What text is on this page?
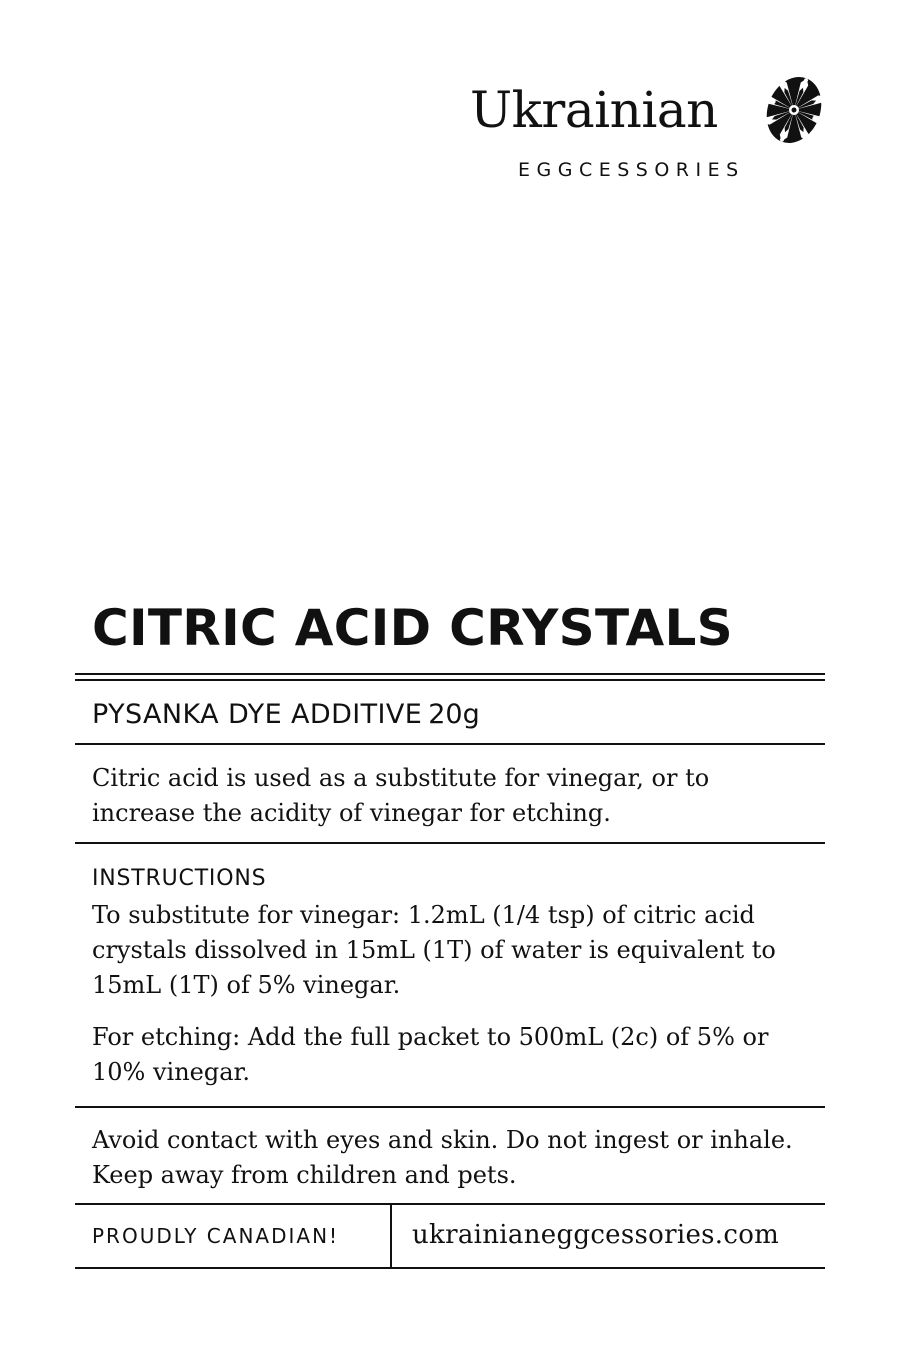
Ukrainian
EGGCESSORIES
CITRIC ACID CRYSTALS
PYSANKA DYE ADDITIVE 20g
Citric acid is used as a substitute for vinegar, or to
increase the acidity of vinegar for etching.
INSTRUCTIONS
To substitute for vinegar: 1.2mL (1/4 tsp) of citric acid
crystals dissolved in 15mL (1T) of water is equivalent to
15mL (1T) of 5% vinegar.
For etching: Add the full packet to 500mL (2c) of 5% or
10% vinegar.
Avoid contact with eyes and skin. Do not ingest or inhale.
Keep away from children and pets.
PROUDLY CANADIAN!	ukrainianeggcessories.com
